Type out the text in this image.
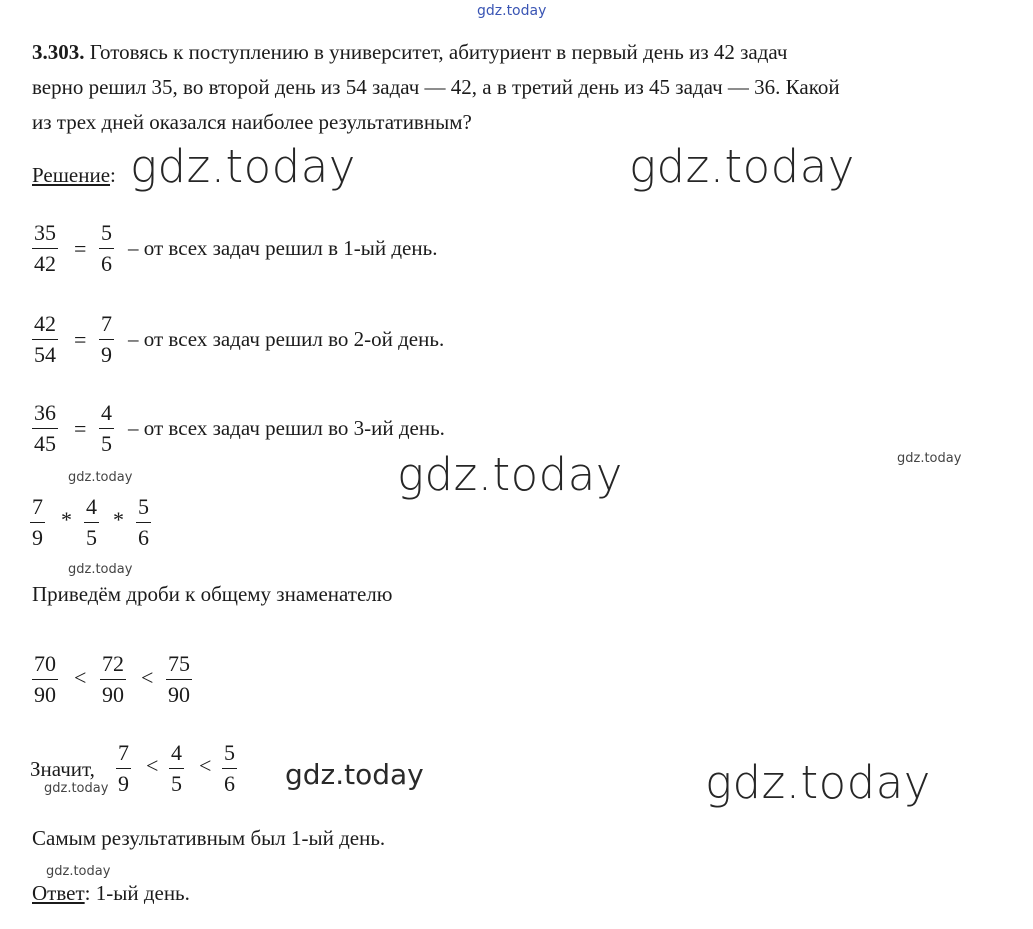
gdz.today
3.303. Готовясь к поступлению в университет, абитуриент в первый день из 42 задач
верно решил 35, во второй день из 54 задач — 42, а в третий день из 45 задач — 36. Какой
из трех дней оказался наиболее результативным?
Решение: gdz.today	gdz.today
35
42
=
5
6
– от всех задач решил в 1-ый день.
42
54
=
7
9
– от всех задач решил во 2-ой день.
36
45
=
4
5
– от всех задач решил во 3-ий день.
gdz.today	gdz.today	gdz.today
7
9
*
4
5
*
5
6
gdz.today
Приведём дроби к общему знаменателю
70
90
<
72
90
<
75
90
Значит,
7
9
<
4
5
<
5
6
gdz.today	gdz.today	gdz.today
Самым результативным был 1-ый день.
gdz.today
Ответ: 1-ый день.
